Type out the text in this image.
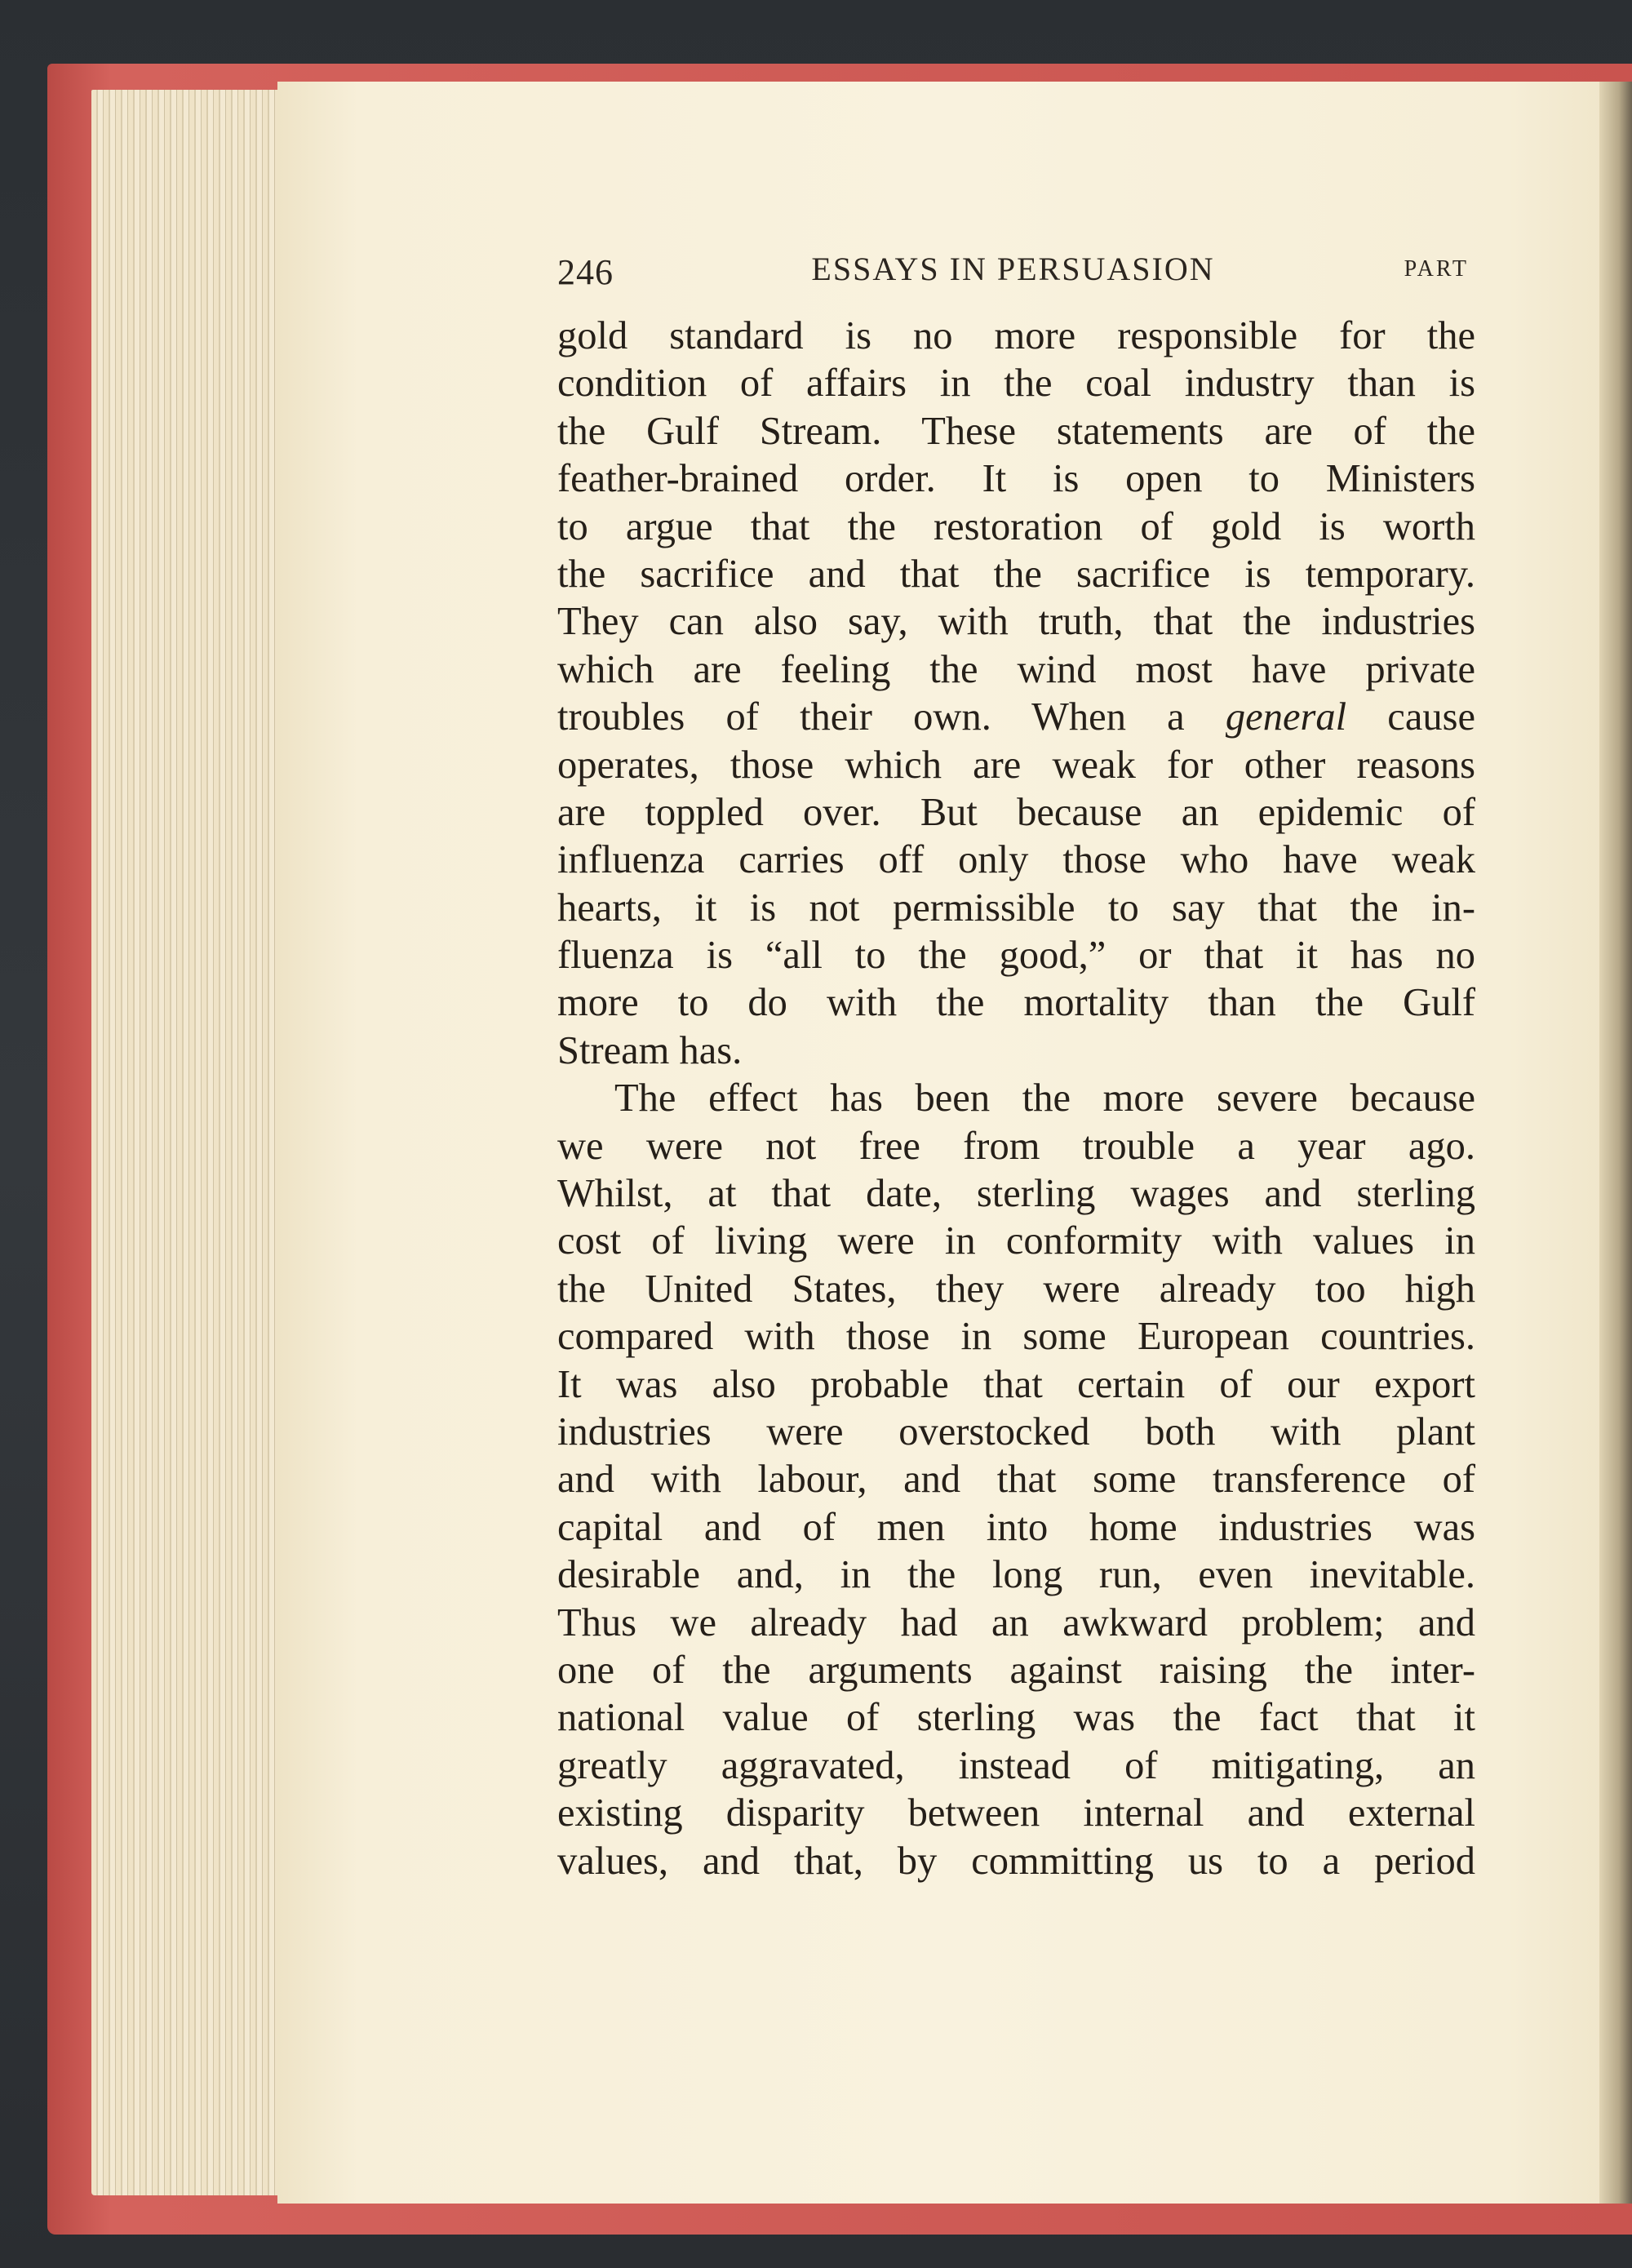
246	ESSAYS IN PERSUASION	PART
gold standard is no more responsible for the
condition of affairs in the coal industry than is
the Gulf Stream. These statements are of the
feather-brained order. It is open to Ministers
to argue that the restoration of gold is worth
the sacrifice and that the sacrifice is temporary.
They can also say, with truth, that the industries
which are feeling the wind most have private
troubles of their own. When a general cause
operates, those which are weak for other reasons
are toppled over. But because an epidemic of
influenza carries off only those who have weak
hearts, it is not permissible to say that the in-
fluenza is “all to the good,” or that it has no
more to do with the mortality than the Gulf
Stream has.
The effect has been the more severe because
we were not free from trouble a year ago.
Whilst, at that date, sterling wages and sterling
cost of living were in conformity with values in
the United States, they were already too high
compared with those in some European countries.
It was also probable that certain of our export
industries were overstocked both with plant
and with labour, and that some transference of
capital and of men into home industries was
desirable and, in the long run, even inevitable.
Thus we already had an awkward problem; and
one of the arguments against raising the inter-
national value of sterling was the fact that it
greatly aggravated, instead of mitigating, an
existing disparity between internal and external
values, and that, by committing us to a period
